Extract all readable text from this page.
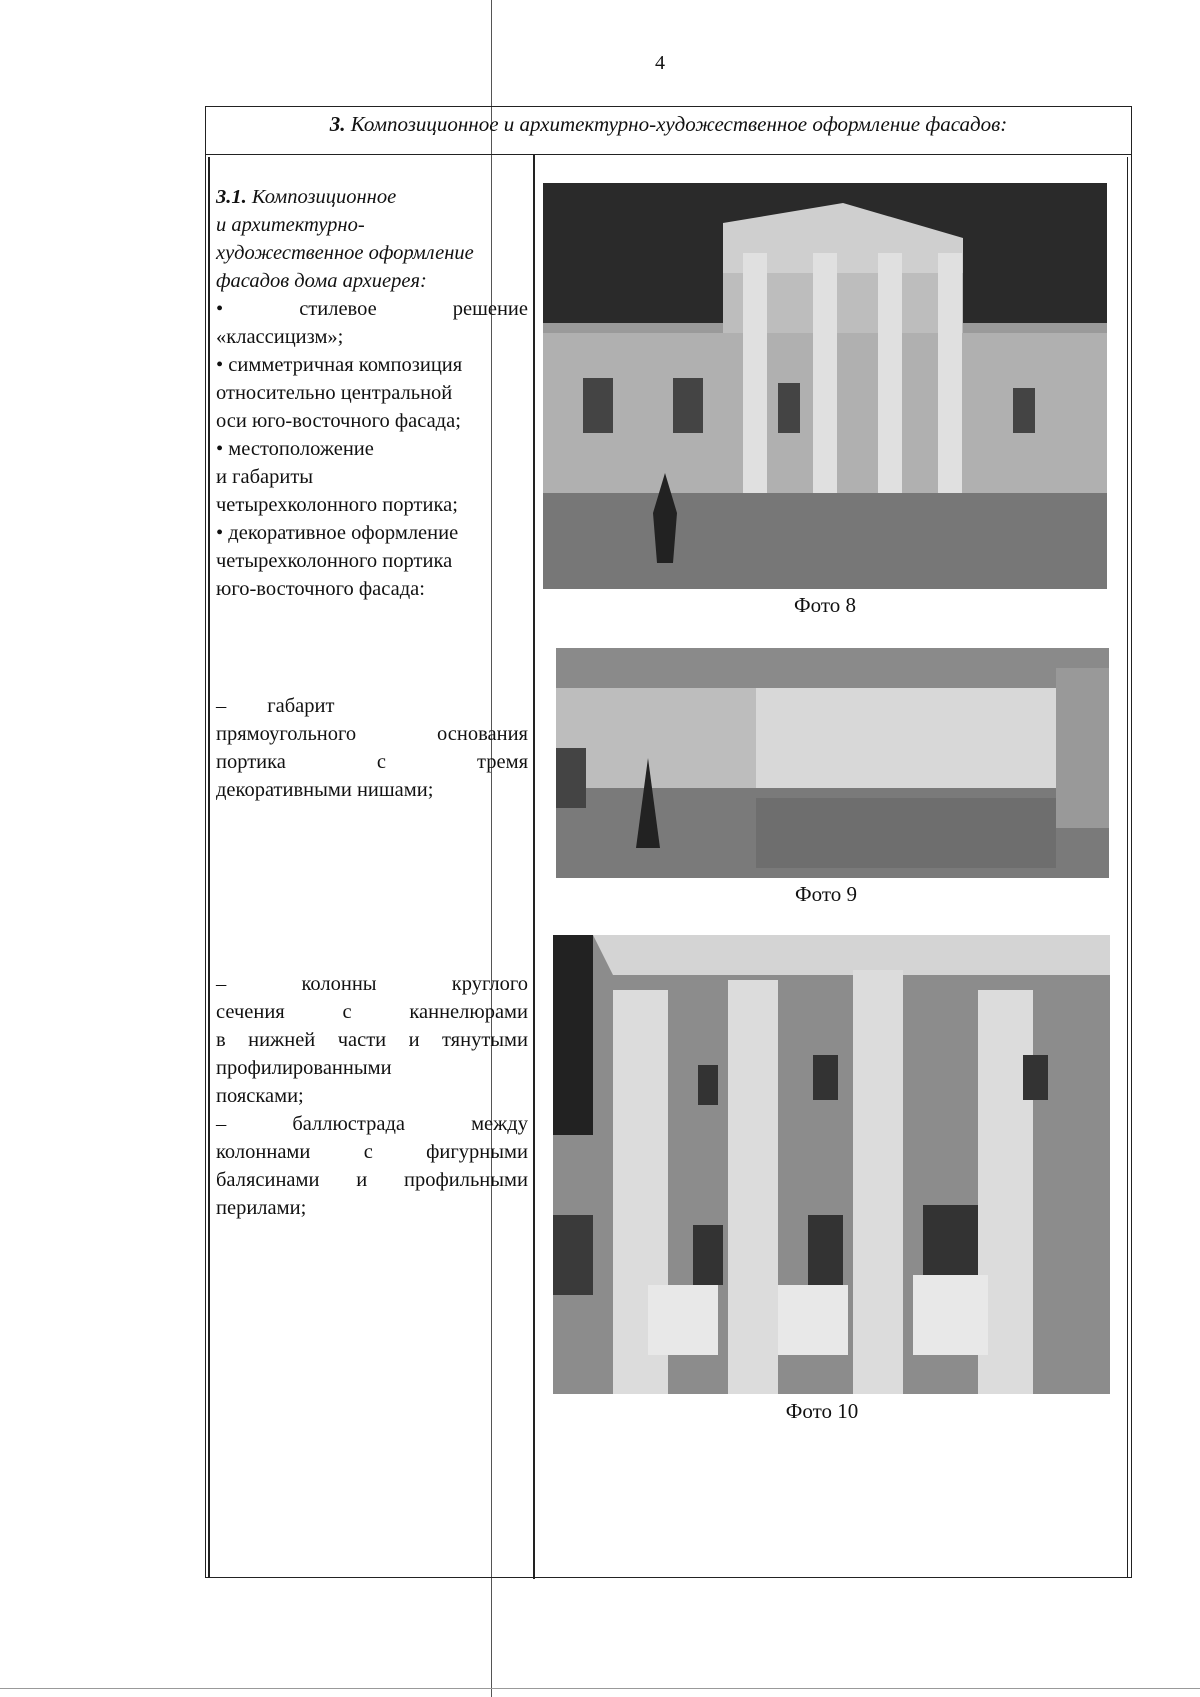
4
3. Композиционное и архитектурно-художественное оформление фасадов:

3.1. Композиционное

и архитектурно-

художественное оформление

фасадов дома архиерея:

• стилевое решение

«классицизм»;

• симметричная композиция

относительно центральной

оси юго-восточного фасада;

• местоположение

и габариты

четырехколонного портика;

• декоративное оформление

четырехколонного портика

юго-восточного фасада:

–        габарит

прямоугольного основания

портика с тремя

декоративными нишами;

– колонны круглого

сечения с каннелюрами

в нижней части и тянутыми

профилированными

поясками;

– баллюстрада между

колоннами с фигурными

балясинами и профильными

перилами;

Фото 8
Фото 9
Фото 10
